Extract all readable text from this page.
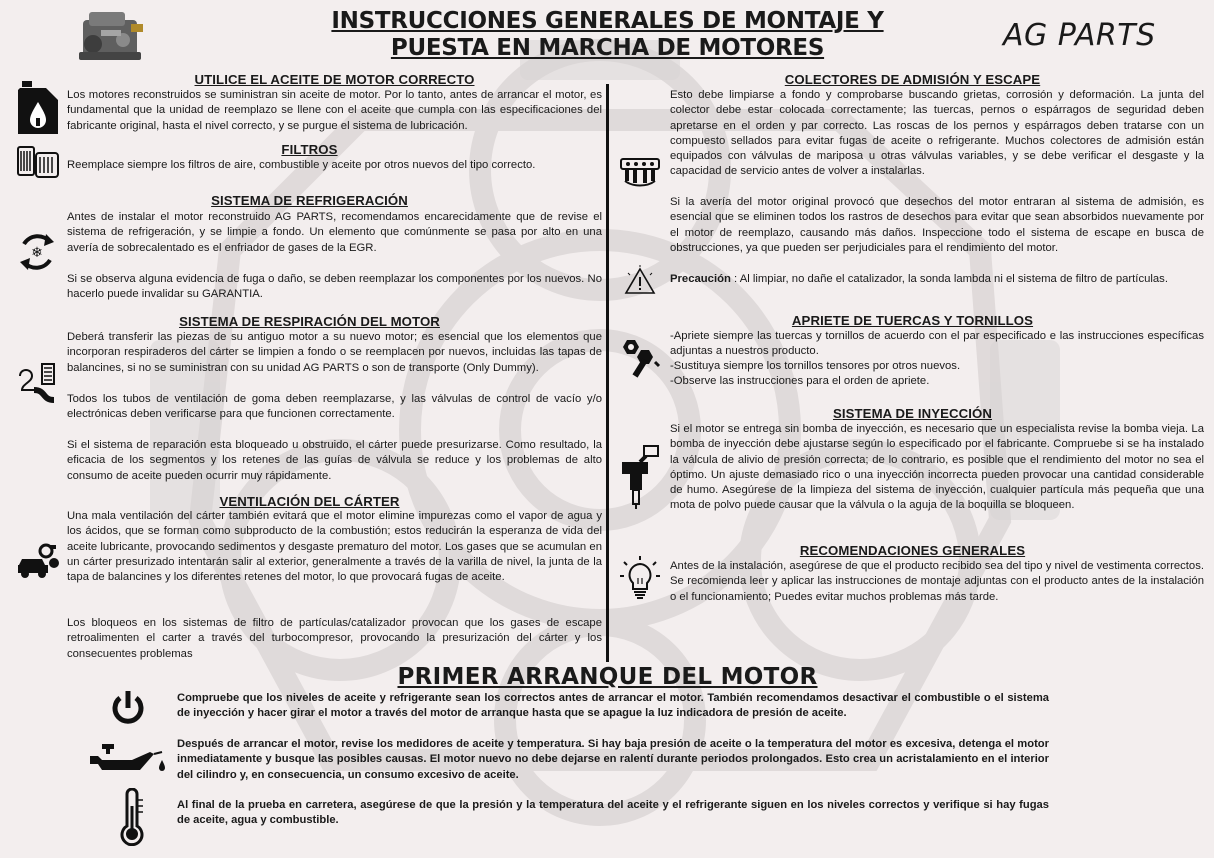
INSTRUCCIONES GENERALES DE MONTAJE Y
PUESTA EN MARCHA DE MOTORES	AG PARTS
UTILICE EL ACEITE DE MOTOR CORRECTO

Los motores reconstruidos se suministran sin aceite de motor. Por lo tanto, antes de arrancar el motor, es fundamental que la unidad de reemplazo se llene con el aceite que cumpla con las especificaciones del fabricante original, hasta el nivel correcto, y se purgue el sistema de lubricación.

FILTROS

Reemplace siempre los filtros de aire, combustible y aceite por otros nuevos del tipo correcto.

❄
SISTEMA DE REFRIGERACIÓN

Antes de instalar el motor reconstruido AG PARTS, recomendamos encarecidamente que de revise el sistema de refrigeración, y se limpie a fondo. Un elemento que comúnmente se pasa por alto en una avería de sobrecalentado es el enfriador de gases de la EGR.

Si se observa alguna evidencia de fuga o daño, se deben reemplazar los componentes por los nuevos. No hacerlo puede invalidar su GARANTIA.

SISTEMA DE RESPIRACIÓN DEL MOTOR

Deberá transferir las piezas de su antiguo motor a su nuevo motor; es esencial que los elementos que incorporan respiraderos del cárter se limpien a fondo o se reemplacen por nuevos, incluidas las tapas de balancines, si no se suministran con su unidad AG PARTS o son de transporte (Only Dummy).

Todos los tubos de ventilación de goma deben reemplazarse, y las válvulas de control de vacío y/o electrónicas deben verificarse para que funcionen correctamente.

Si el sistema de reparación esta bloqueado u obstruido, el cárter puede presurizarse. Como resultado, la eficacia de los segmentos y los retenes de las guías de válvula se reduce y los problemas de alto consumo de aceite pueden ocurrir muy rápidamente.

VENTILACIÓN DEL CÁRTER

Una mala ventilación del cárter también evitará que el motor elimine impurezas como el vapor de agua y los ácidos, que se forman como subproducto de la combustión; estos reducirán la esperanza de vida del aceite lubricante, provocando sedimentos y desgaste prematuro del motor. Los gases que se acumulan en un cárter presurizado intentarán salir al exterior, generalmente a través de la varilla de nivel, la junta de la tapa de balancines y los diferentes retenes del motor, lo que provocará fugas de aceite.

Los bloqueos en los sistemas de filtro de partículas/catalizador provocan que los gases de escape retroalimenten el carter a través del turbocompresor, provocando la presurización del cárter y los consecuentes problemas

COLECTORES DE ADMISIÓN Y ESCAPE

Esto debe limpiarse a fondo y comprobarse buscando grietas, corrosión y deformación. La junta del colector debe estar colocada correctamente; las tuercas, pernos o espárragos de seguridad deben apretarse en el orden y par correcto. Las roscas de los pernos y espárragos deben tratarse con un compuesto sellados para evitar fugas de aceite o refrigerante. Muchos colectores de admisión están equipados con válvulas de mariposa u otras válvulas variables, y se debe verificar el desgaste y la capacidad de servicio antes de volver a instalarlas.

Si la avería del motor original provocó que desechos del motor entraran al sistema de admisión, es esencial que se eliminen todos los rastros de desechos para evitar que sean absorbidos nuevamente por el motor de reemplazo, causando más daños. Inspeccione todo el sistema de escape en busca de obstrucciones, ya que pueden ser perjudiciales para el rendimiento del motor.

Precaución : Al limpiar, no dañe el catalizador, la sonda lambda ni el sistema de filtro de partículas.

APRIETE DE TUERCAS Y TORNILLOS

-Apriete siempre las tuercas y tornillos de acuerdo con el par especificado e las instrucciones específicas adjuntas a nuestros producto.

-Sustituya siempre los tornillos tensores por otros nuevos.

-Observe las instrucciones para el orden de apriete.

SISTEMA DE INYECCIÓN

Si el motor se entrega sin bomba de inyección, es necesario que un especialista revise la bomba vieja. La bomba de inyección debe ajustarse según lo especificado por el fabricante. Compruebe si se ha instalado la válcula de alivio de presión correcta; de lo contrario, es posible que el rendimiento del motor no sea el óptimo. Un ajuste demasiado rico o una inyección incorrecta pueden provocar una cantidad considerable de humo. Asegúrese de la limpieza del sistema de inyección, cualquier partícula más pequeña que una mota de polvo puede causar que la válvula o la aguja de la boquilla se bloqueen.

RECOMENDACIONES GENERALES

Antes de la instalación, asegúrese de que el producto recibido sea del tipo y nivel de vestimenta correctos. Se recomienda leer y aplicar las instrucciones de montaje adjuntas con el producto antes de la instalación o el funcionamiento; Puedes evitar muchos problemas más tarde.

PRIMER ARRANQUE DEL MOTOR

Compruebe que los niveles de aceite y refrigerante sean los correctos antes de arrancar el motor. También recomendamos desactivar el combustible o el sistema de inyección y hacer girar el motor a través del motor de arranque hasta que se apague la luz indicadora de presión de aceite.

Después de arrancar el motor, revise los medidores de aceite y temperatura. Si hay baja presión de aceite o la temperatura del motor es excesiva, detenga el motor inmediatamente y busque las posibles causas. El motor nuevo no debe dejarse en ralentí durante periodos prolongados. Esto crea un acristalamiento en el interior del cilindro y, en consecuencia, un consumo excesivo de aceite.

Al final de la prueba en carretera, asegúrese de que la presión y la temperatura del aceite y el refrigerante siguen en los niveles correctos y verifique si hay fugas de aceite, agua y combustible.
